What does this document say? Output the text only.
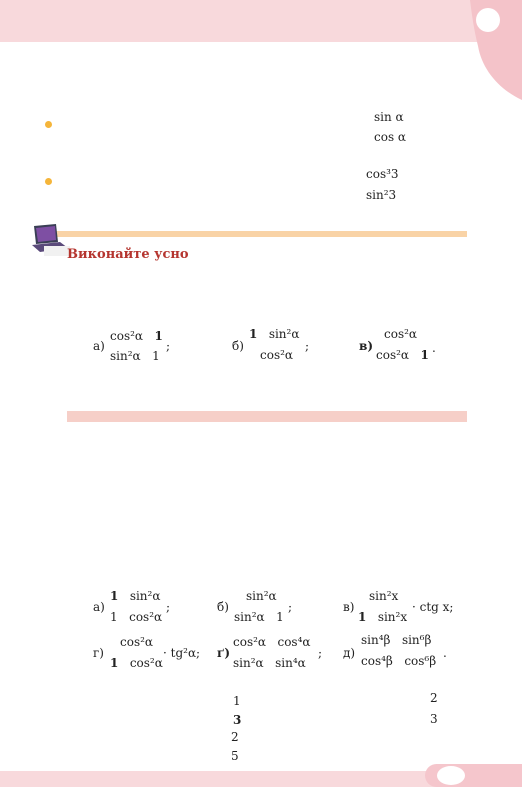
sin α
cos α
cos³3
sin²3
Виконайте усно
а)
cos²α 1
sin²α 1
;	б)
1 sin²α
cos²α
;	в)
cos²α
cos²α 1 .
а)
1 sin²α
1 cos²α
;	б)
sin²α
sin²α 1
;	в)
sin²x
1 sin²x
· ctg x;
г)
cos²α
1 cos²α
· tg²α; ґ)
cos²α cos⁴α
sin²α sin⁴α
; д)
sin⁴β sin⁶β
cos⁴β cos⁶β
.
1
3
2
5
2
3
